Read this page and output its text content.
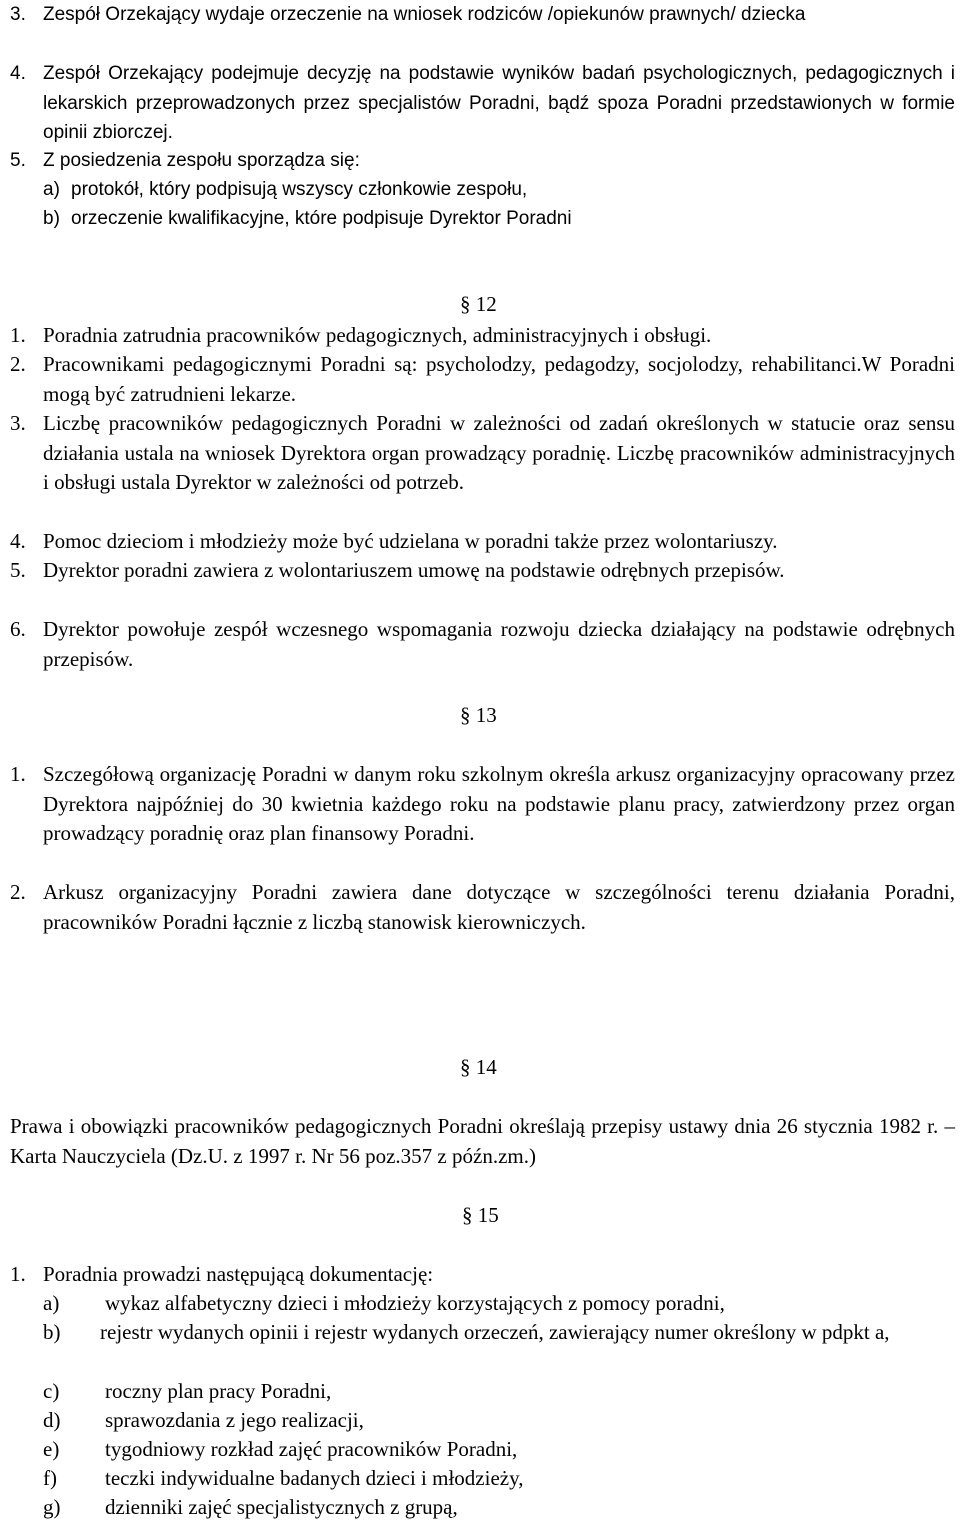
3. Zespół Orzekający wydaje orzeczenie na wniosek rodziców /opiekunów prawnych/ dziecka
4. Zespół Orzekający podejmuje decyzję na podstawie wyników badań psychologicznych, pedagogicznych i lekarskich przeprowadzonych przez specjalistów Poradni, bądź spoza Poradni przedstawionych w formie opinii zbiorczej.
5. Z posiedzenia zespołu sporządza się:
a) protokół, który podpisują wszyscy członkowie zespołu,
b) orzeczenie kwalifikacyjne, które podpisuje Dyrektor Poradni
§ 12
1. Poradnia zatrudnia pracowników pedagogicznych, administracyjnych i obsługi.
2. Pracownikami pedagogicznymi Poradni są: psycholodzy, pedagodzy, socjolodzy, rehabilitanci.W Poradni mogą być zatrudnieni lekarze.
3. Liczbę pracowników pedagogicznych Poradni w zależności od zadań określonych w statucie oraz sensu działania ustala na wniosek Dyrektora organ prowadzący poradnię. Liczbę pracowników administracyjnych i obsługi ustala Dyrektor w zależności od potrzeb.
4. Pomoc dzieciom i młodzieży może być udzielana w poradni także przez wolontariuszy.
5. Dyrektor poradni zawiera z wolontariuszem umowę na podstawie odrębnych przepisów.
6. Dyrektor powołuje zespół wczesnego wspomagania rozwoju dziecka działający na podstawie odrębnych przepisów.
§ 13
1. Szczegółową organizację Poradni w danym roku szkolnym określa arkusz organizacyjny opracowany przez Dyrektora najpóźniej do 30 kwietnia każdego roku na podstawie planu pracy, zatwierdzony przez organ prowadzący poradnię oraz plan finansowy Poradni.
2. Arkusz organizacyjny Poradni zawiera dane dotyczące w szczególności terenu działania Poradni, pracowników Poradni łącznie z liczbą stanowisk kierowniczych.
§ 14
Prawa i obowiązki pracowników pedagogicznych Poradni określają przepisy ustawy dnia 26 stycznia 1982 r. – Karta Nauczyciela (Dz.U. z 1997 r. Nr 56 poz.357 z późn.zm.)
§ 15
1. Poradnia prowadzi następującą dokumentację:
a) wykaz alfabetyczny dzieci i młodzieży korzystających z pomocy poradni,
b) rejestr wydanych opinii i rejestr wydanych orzeczeń, zawierający numer określony w pdpkt a,
c) roczny plan pracy Poradni,
d) sprawozdania z jego realizacji,
e) tygodniowy rozkład zajęć pracowników Poradni,
f) teczki indywidualne badanych dzieci i młodzieży,
g) dzienniki zajęć specjalistycznych z grupą,
